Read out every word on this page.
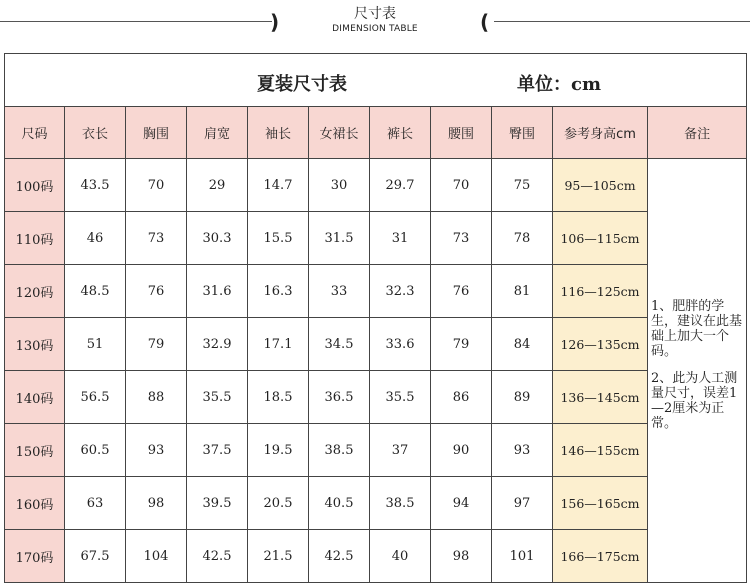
)	尺寸表
DIMENSION TABLE	(
夏装尺寸表 单位：cm										

尺码	衣长	胸围	肩宽	袖长	女裙长	裤长	腰围	臀围	参考身高cm	备注
100码	43.5	70	29	14.7	30	29.7	70	75	95—105cm	1、肥胖的学生，建议在此基础上加大一个码。
2、此为人工测量尺寸，误差1—2厘米为正常。

110码	46	73	30.3	15.5	31.5	31	73	78	106—115cm	
120码	48.5	76	31.6	16.3	33	32.3	76	81	116—125cm	
130码	51	79	32.9	17.1	34.5	33.6	79	84	126—135cm	
140码	56.5	88	35.5	18.5	36.5	35.5	86	89	136—145cm	
150码	60.5	93	37.5	19.5	38.5	37	90	93	146—155cm	
160码	63	98	39.5	20.5	40.5	38.5	94	97	156—165cm	
170码	67.5	104	42.5	21.5	42.5	40	98	101	166—175cm	
